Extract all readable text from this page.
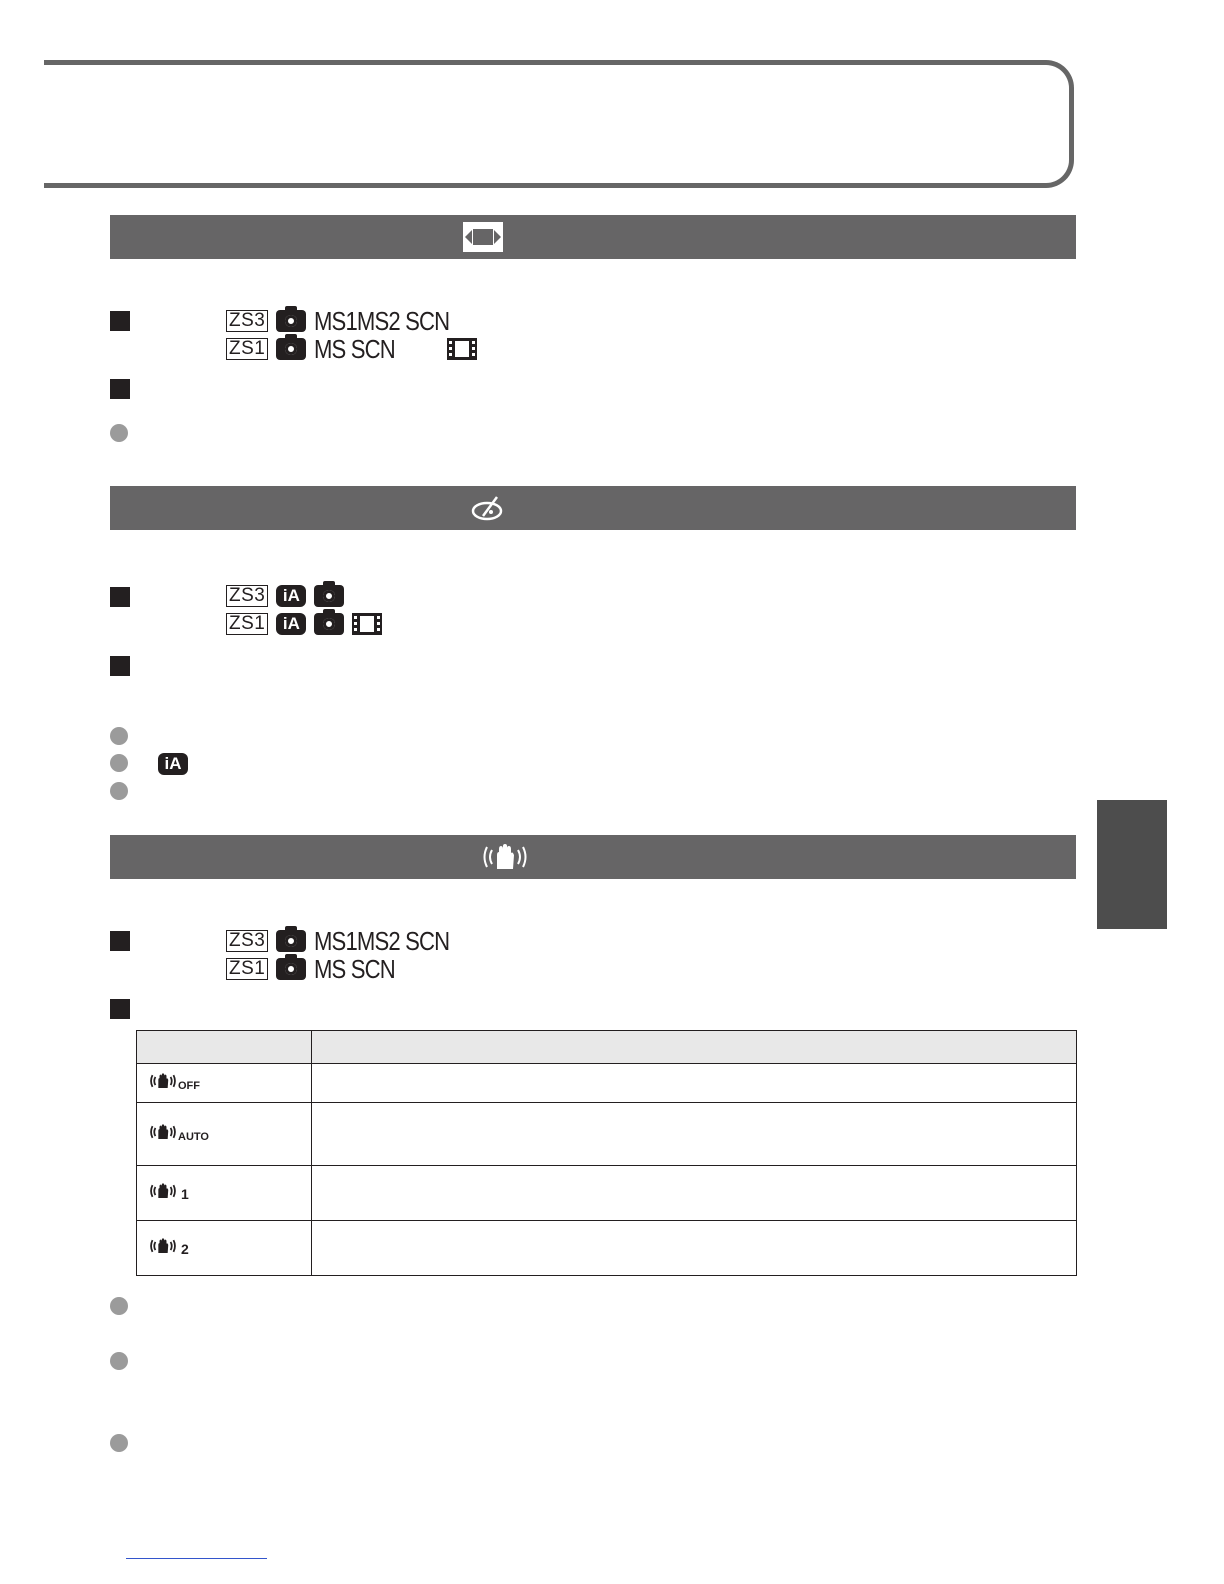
ZS3 MS1MS2 SCN
ZS1 MS SCN
ZS3	iA
ZS1	iA
iA
ZS3 MS1MS2 SCN
ZS1 MS SCN

OFF	

AUTO	

1	

2	
